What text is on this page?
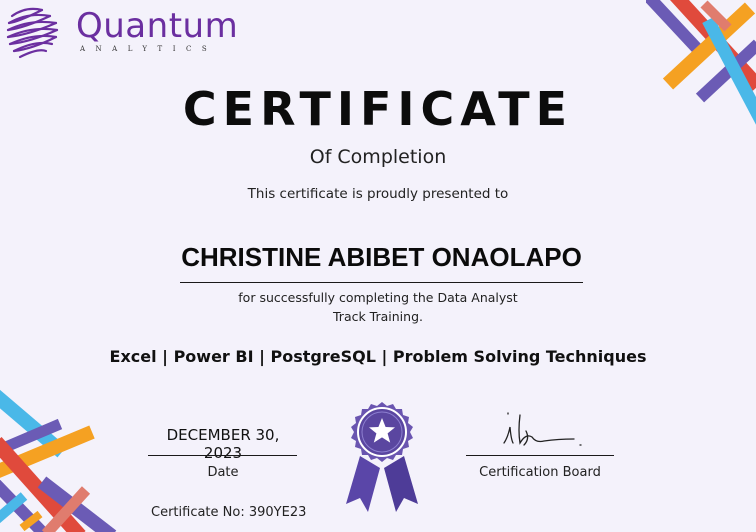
Quantum
ANALYTICS
CERTIFICATE
Of Completion
This certificate is proudly presented to
CHRISTINE ABIBET ONAOLAPO
for successfully completing the Data Analyst
Track Training.
Excel | Power BI | PostgreSQL | Problem Solving Techniques
DECEMBER 30, 2023
Date
Certificate No: 390YE23
Certification Board
